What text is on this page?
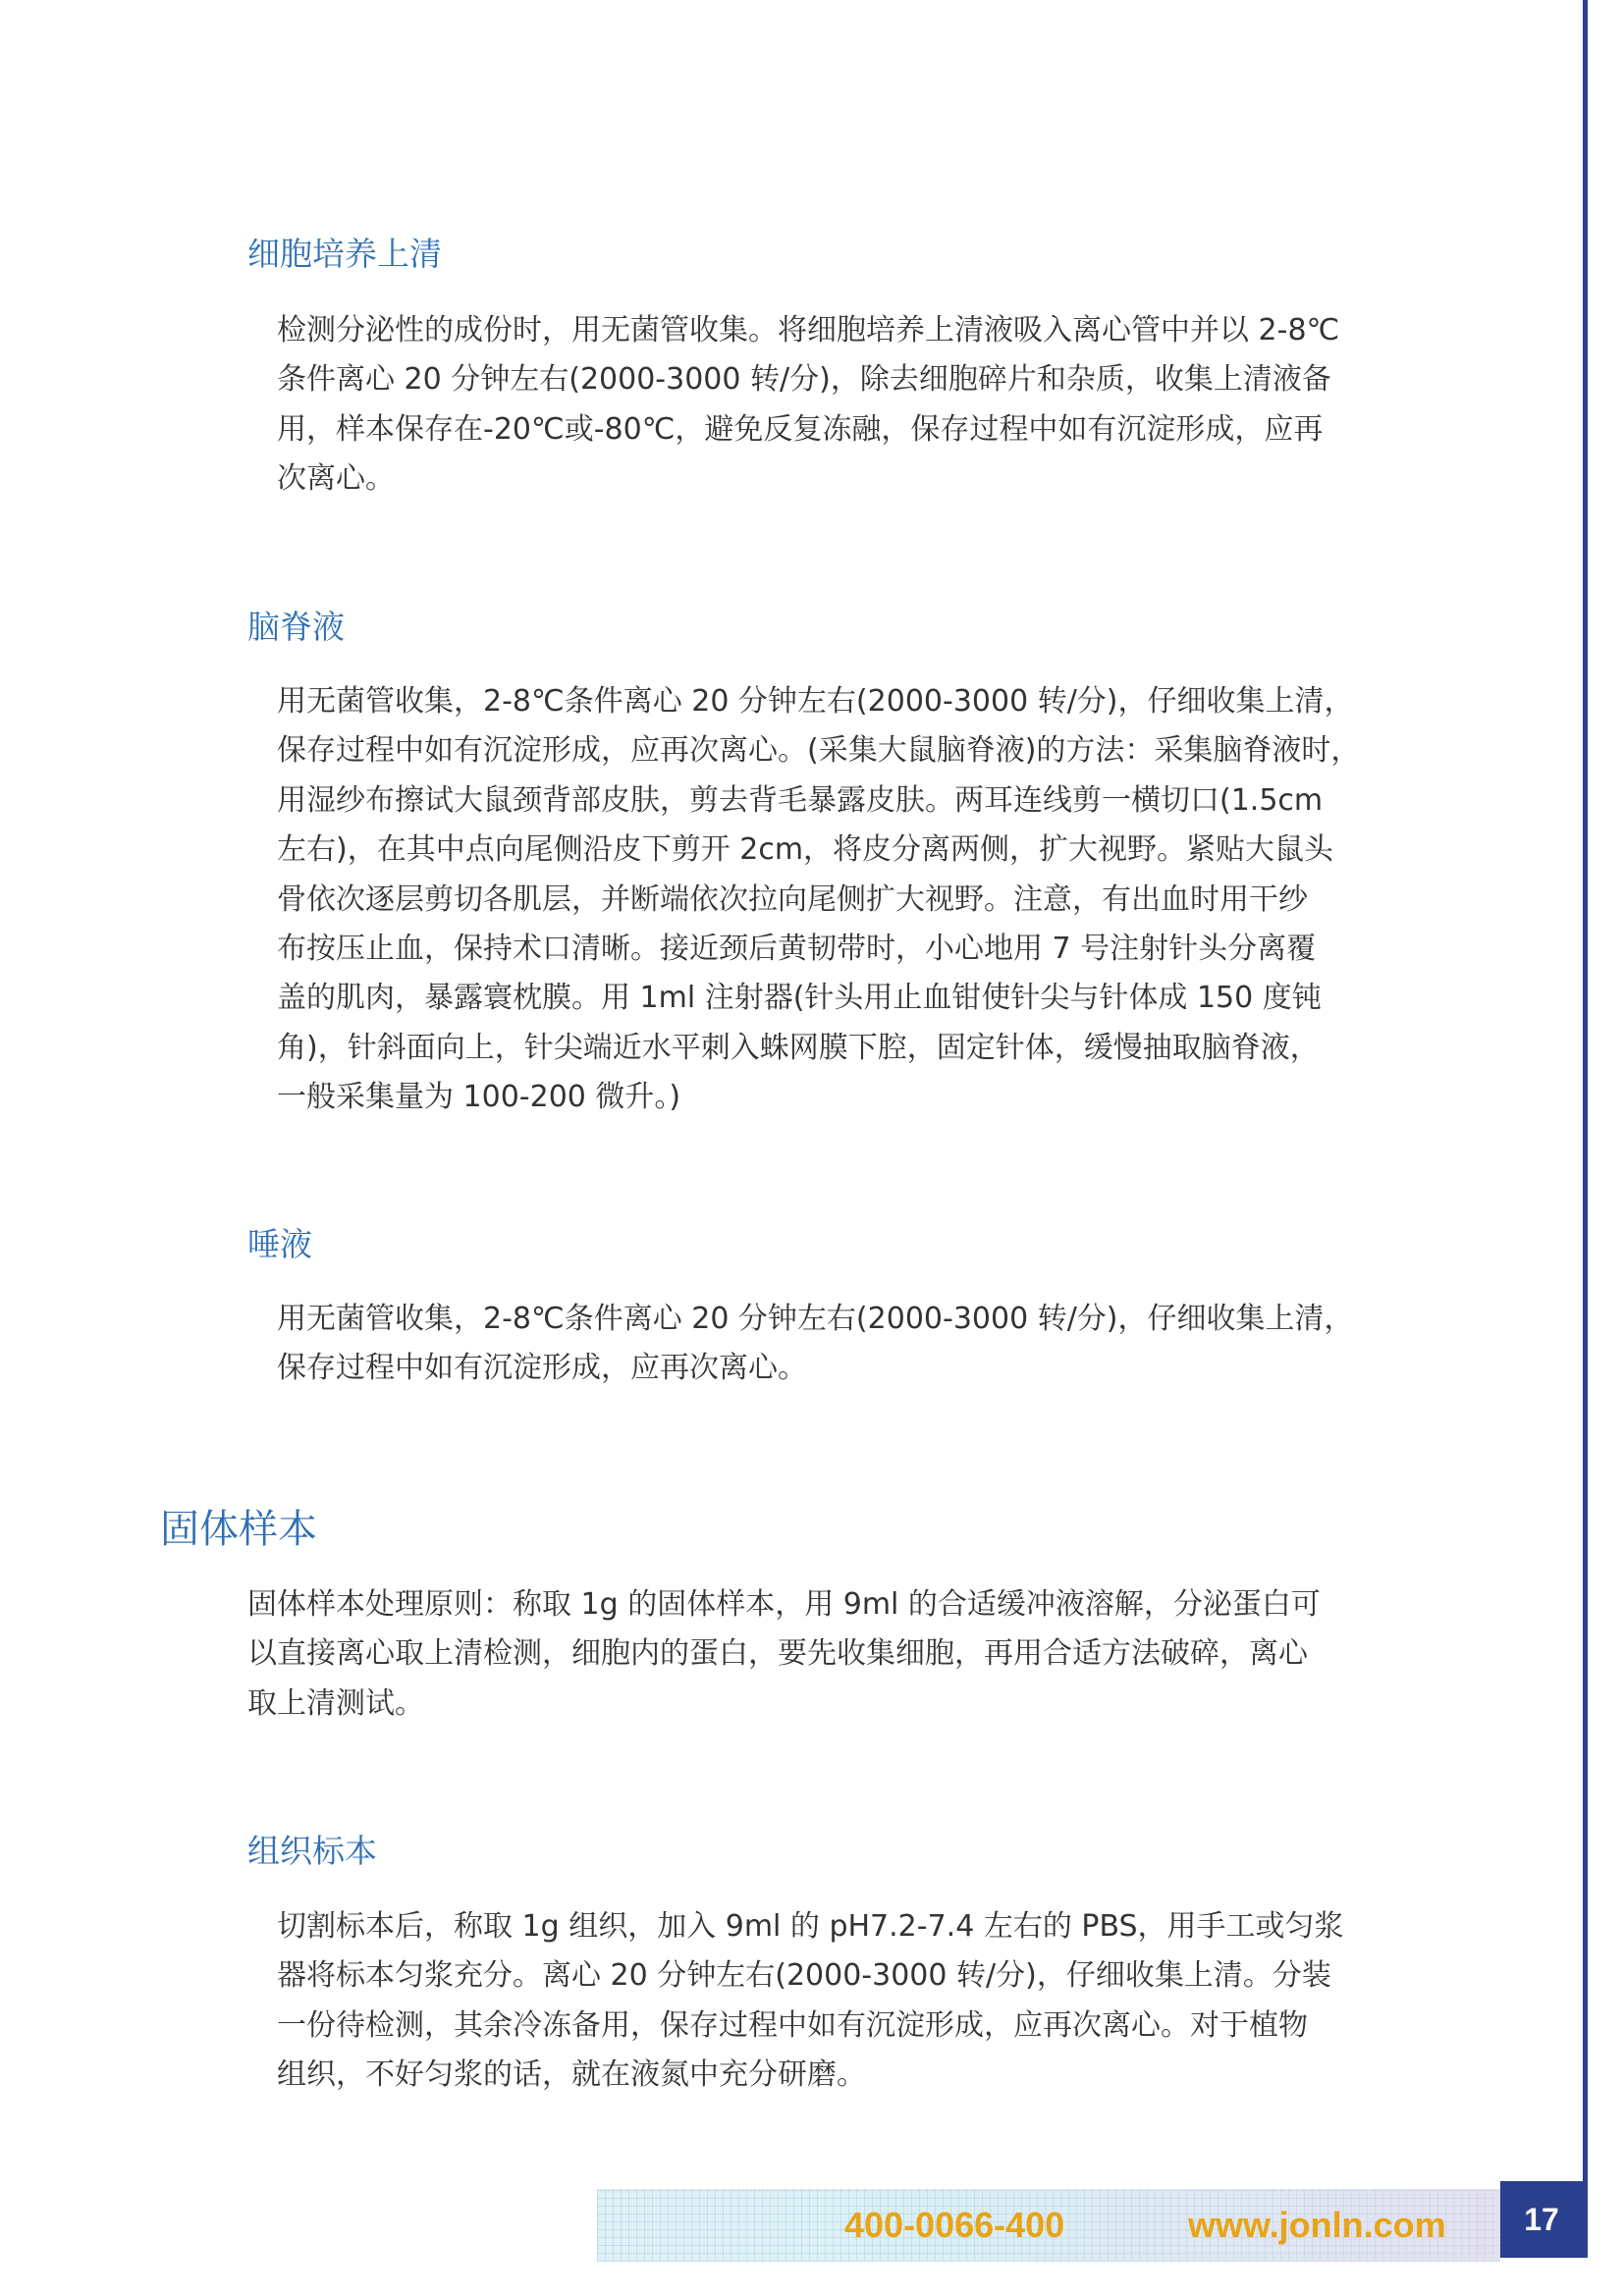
细胞培养上清
检测分泌性的成份时，用无菌管收集。将细胞培养上清液吸入离心管中并以 2-8℃
条件离心 20 分钟左右(2000-3000 转/分)，除去细胞碎片和杂质，收集上清液备
用，样本保存在-20℃或-80℃，避免反复冻融，保存过程中如有沉淀形成，应再
次离心。
脑脊液
用无菌管收集，2-8℃条件离心 20 分钟左右(2000-3000 转/分)，仔细收集上清，
保存过程中如有沉淀形成，应再次离心。(采集大鼠脑脊液)的方法：采集脑脊液时，
用湿纱布擦试大鼠颈背部皮肤，剪去背毛暴露皮肤。两耳连线剪一横切口(1.5cm
左右)，在其中点向尾侧沿皮下剪开 2cm，将皮分离两侧，扩大视野。紧贴大鼠头
骨依次逐层剪切各肌层，并断端依次拉向尾侧扩大视野。注意，有出血时用干纱
布按压止血，保持术口清晰。接近颈后黄韧带时，小心地用 7 号注射针头分离覆
盖的肌肉，暴露寰枕膜。用 1ml 注射器(针头用止血钳使针尖与针体成 150 度钝
角)，针斜面向上，针尖端近水平刺入蛛网膜下腔，固定针体，缓慢抽取脑脊液，
一般采集量为 100-200 微升。)
唾液
用无菌管收集，2-8℃条件离心 20 分钟左右(2000-3000 转/分)，仔细收集上清，
保存过程中如有沉淀形成，应再次离心。
固体样本
固体样本处理原则：称取 1g 的固体样本，用 9ml 的合适缓冲液溶解，分泌蛋白可
以直接离心取上清检测，细胞内的蛋白，要先收集细胞，再用合适方法破碎，离心
取上清测试。
组织标本
切割标本后，称取 1g 组织，加入 9ml 的 pH7.2-7.4 左右的 PBS，用手工或匀浆
器将标本匀浆充分。离心 20 分钟左右(2000-3000 转/分)，仔细收集上清。分装
一份待检测，其余冷冻备用，保存过程中如有沉淀形成，应再次离心。对于植物
组织，不好匀浆的话，就在液氮中充分研磨。
400-0066-400	www.jonln.com	17
